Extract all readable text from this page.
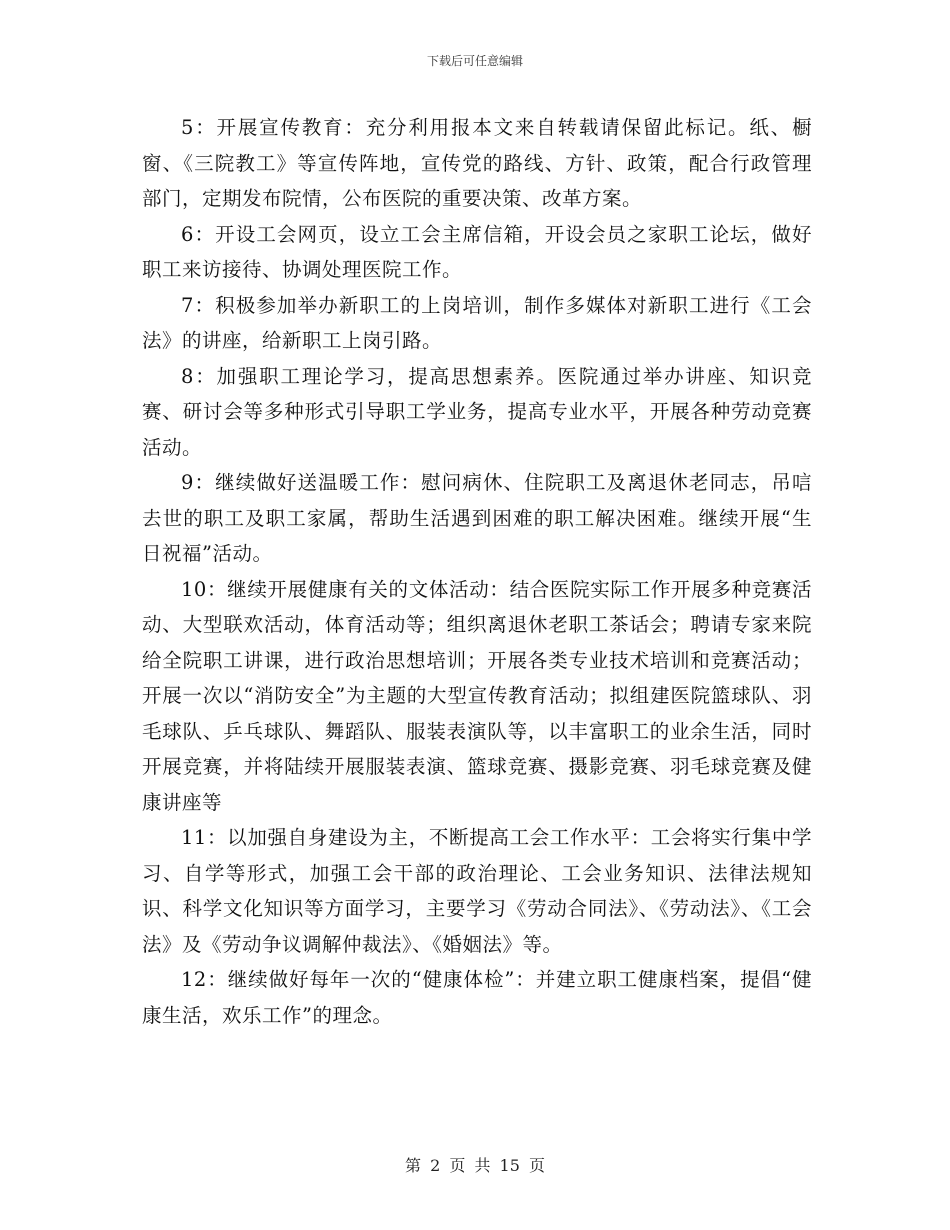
下载后可任意编辑

5：开展宣传教育：充分利用报本文来自转载请保留此标记。纸、橱窗、《三院教工》等宣传阵地，宣传党的路线、方针、政策，配合行政管理部门，定期发布院情，公布医院的重要决策、改革方案。

6：开设工会网页，设立工会主席信箱，开设会员之家职工论坛，做好职工来访接待、协调处理医院工作。

7：积极参加举办新职工的上岗培训，制作多媒体对新职工进行《工会法》的讲座，给新职工上岗引路。

8：加强职工理论学习，提高思想素养。医院通过举办讲座、知识竞赛、研讨会等多种形式引导职工学业务，提高专业水平，开展各种劳动竞赛活动。

9：继续做好送温暖工作：慰问病休、住院职工及离退休老同志，吊唁去世的职工及职工家属，帮助生活遇到困难的职工解决困难。继续开展“生日祝福”活动。

10：继续开展健康有关的文体活动：结合医院实际工作开展多种竞赛活动、大型联欢活动，体育活动等；组织离退休老职工茶话会；聘请专家来院给全院职工讲课，进行政治思想培训；开展各类专业技术培训和竞赛活动；开展一次以“消防安全”为主题的大型宣传教育活动；拟组建医院篮球队、羽毛球队、乒乓球队、舞蹈队、服装表演队等，以丰富职工的业余生活，同时开展竞赛，并将陆续开展服装表演、篮球竞赛、摄影竞赛、羽毛球竞赛及健康讲座等

11：以加强自身建设为主，不断提高工会工作水平：工会将实行集中学习、自学等形式，加强工会干部的政治理论、工会业务知识、法律法规知识、科学文化知识等方面学习，主要学习《劳动合同法》、《劳动法》、《工会法》及《劳动争议调解仲裁法》、《婚姻法》等。

12：继续做好每年一次的“健康体检”：并建立职工健康档案，提倡“健康生活，欢乐工作”的理念。

第 2 页 共 15 页
